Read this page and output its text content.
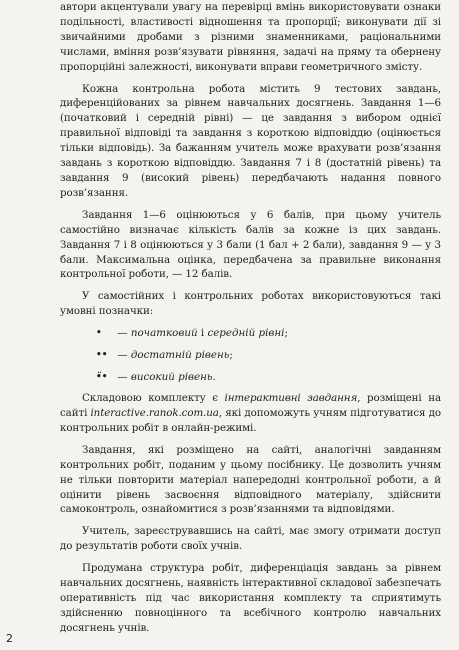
автори акцентували увагу на перевірці вмінь використовувати ознаки подільності, властивості відношення та пропорції; виконувати дії зі звичайними дробами з різними знаменниками, раціональними числами, вміння розв’язувати рівняння, задачі на пряму та обернену пропорційні залежності, виконувати вправи геометричного змісту.

Кожна контрольна робота містить 9 тестових завдань, диференційованих за рівнем навчальних досягнень. Завдання 1—6 (початковий і середній рівні) — це завдання з вибором однієї правильної відповіді та завдання з короткою відповіддю (оцінюється тільки відповідь). За бажанням учитель може врахувати розв’язання завдань з короткою відповіддю. Завдання 7 і 8 (достатній рівень) та завдання 9 (високий рівень) передбачають надання повного розв’язання.

Завдання 1—6 оцінюються у 6 балів, при цьому учитель самостійно визначає кількість балів за кожне із цих завдань. Завдання 7 і 8 оцінюються у 3 бали (1 бал + 2 бали), завдання 9 — у 3 бали. Максимальна оцінка, передбачена за правильне виконання контрольної роботи, — 12 балів.

У самостійних і контрольних роботах використовуються такі умовні позначки:

•	— початковий і середній рівні ;
•• — достатній рівень ;
•̈• — високий рівень .

Складовою комплекту є інтерактивні завдання, розміщені на сайті interactive.ranok.com.ua, які допоможуть учням підготуватися до контрольних робіт в онлайн-режимі.

Завдання, які розміщено на сайті, аналогічні завданням контрольних робіт, поданим у цьому посібнику. Це дозволить учням не тільки повторити матеріал напередодні контрольної роботи, а й оцінити рівень засвоєння відповідного матеріалу, здійснити самоконтроль, ознайомитися з розв’язаннями та відповідями.

Учитель, зареєструвавшись на сайті, має змогу отримати доступ до результатів роботи своїх учнів.

Продумана структура робіт, диференціація завдань за рівнем навчальних досягнень, наявність інтерактивної складової забезпечать оперативність під час використання комплекту та сприятимуть здійсненню повноцінного та всебічного контролю навчальних досягнень учнів.

2
